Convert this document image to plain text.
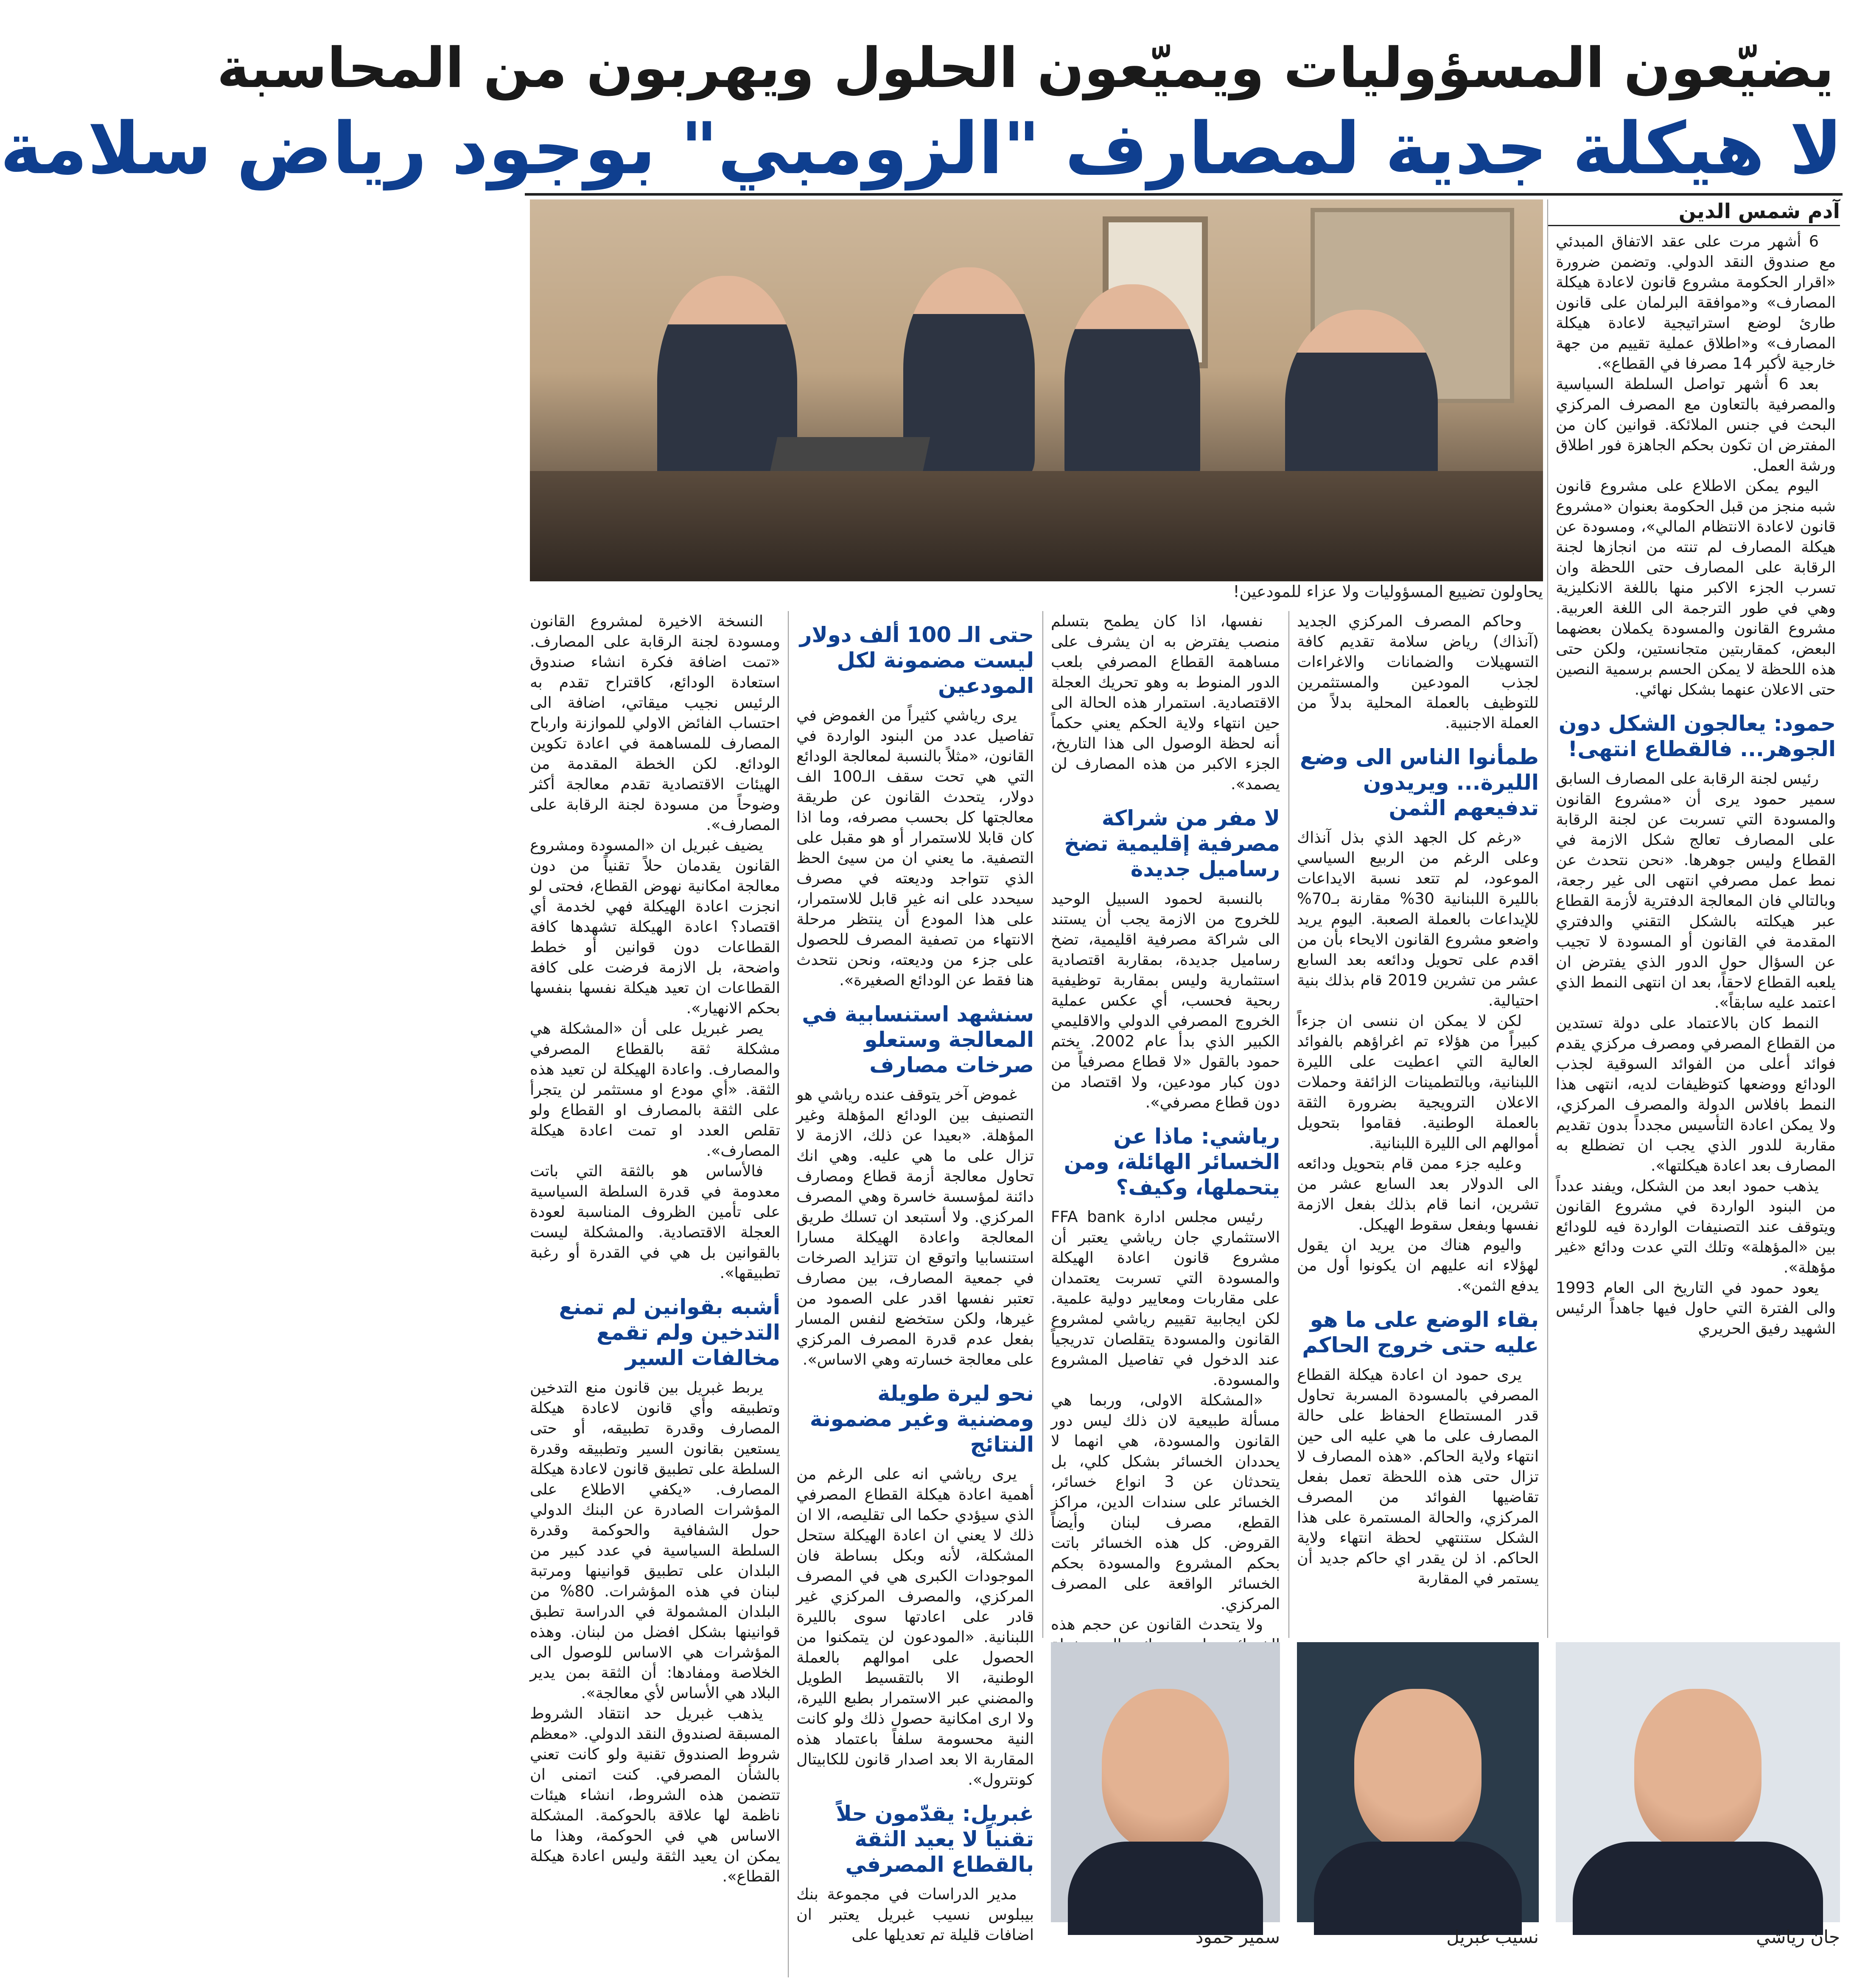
يضيّعون المسؤوليات ويميّعون الحلول ويهربون من المحاسبة
لا هيكلة جدية لمصارف "الزومبي" بوجود رياض سلامة
آدم شمس الدين
يحاولون تضييع المسؤوليات ولا عزاء للمودعين!

6 أشهر مرت على عقد الاتفاق المبدئي مع صندوق النقد الدولي. وتضمن ضرورة «اقرار الحكومة مشروع قانون لاعادة هيكلة المصارف» و«موافقة البرلمان على قانون طارئ لوضع استراتيجية لاعادة هيكلة المصارف» و«اطلاق عملية تقييم من جهة خارجية لأكبر 14 مصرفا في القطاع».

بعد 6 أشهر تواصل السلطة السياسية والمصرفية بالتعاون مع المصرف المركزي البحث في جنس الملائكة. قوانين كان من المفترض ان تكون بحكم الجاهزة فور اطلاق ورشة العمل.

اليوم يمكن الاطلاع على مشروع قانون شبه منجز من قبل الحكومة بعنوان «مشروع قانون لاعادة الانتظام المالي»، ومسودة عن هيكلة المصارف لم تنته من انجازها لجنة الرقابة على المصارف حتى اللحظة وان تسرب الجزء الاكبر منها باللغة الانكليزية وهي في طور الترجمة الى اللغة العربية. مشروع القانون والمسودة يكملان بعضهما البعض، كمقاربتين متجانستين، ولكن حتى هذه اللحظة لا يمكن الحسم برسمية النصين حتى الاعلان عنهما بشكل نهائي.

حمود: يعالجون الشكل دون الجوهر... فالقطاع انتهى!

رئيس لجنة الرقابة على المصارف السابق سمير حمود يرى أن «مشروع القانون والمسودة التي تسربت عن لجنة الرقابة على المصارف تعالج شكل الازمة في القطاع وليس جوهرها. «نحن نتحدث عن نمط عمل مصرفي انتهى الى غير رجعة، وبالتالي فان المعالجة الدفترية لأزمة القطاع عبر هيكلته بالشكل التقني والدفتري المقدمة في القانون أو المسودة لا تجيب عن السؤال حول الدور الذي يفترض ان يلعبه القطاع لاحقاً، بعد ان انتهى النمط الذي اعتمد عليه سابقاً».

النمط كان بالاعتماد على دولة تستدين من القطاع المصرفي ومصرف مركزي يقدم فوائد أعلى من الفوائد السوقية لجذب الودائع ووضعها كتوظيفات لديه، انتهى هذا النمط بافلاس الدولة والمصرف المركزي، ولا يمكن اعادة التأسيس مجدداً بدون تقديم مقاربة للدور الذي يجب ان تضطلع به المصارف بعد اعادة هيكلتها».

يذهب حمود ابعد من الشكل، ويفند عدداً من البنود الواردة في مشروع القانون ويتوقف عند التصنيفات الواردة فيه للودائع بين «المؤهلة» وتلك التي عدت ودائع «غير مؤهلة».

يعود حمود في التاريخ الى العام 1993 والى الفترة التي حاول فيها جاهداً الرئيس الشهيد رفيق الحريري

وحاكم المصرف المركزي الجديد (آنذاك) رياض سلامة تقديم كافة التسهيلات والضمانات والاغراءات لجذب المودعين والمستثمرين للتوظيف بالعملة المحلية بدلاً من العملة الاجنبية.

طمأنوا الناس الى وضع الليرة... ويريدون تدفيعهم الثمن

«رغم كل الجهد الذي بذل آنذاك وعلى الرغم من الربيع السياسي الموعود، لم تتعد نسبة الايداعات بالليرة اللبنانية 30% مقارنة بـ70% للإيداعات بالعملة الصعبة. اليوم يريد واضعو مشروع القانون الايحاء بأن من اقدم على تحويل ودائعه بعد السابع عشر من تشرين 2019 قام بذلك بنية احتيالية.

لكن لا يمكن ان ننسى ان جزءاً كبيراً من هؤلاء تم اغراؤهم بالفوائد العالية التي اعطيت على الليرة اللبنانية، وبالتطمينات الزائفة وحملات الاعلان الترويجية بضرورة الثقة بالعملة الوطنية. فقاموا بتحويل أموالهم الى الليرة اللبنانية.

وعليه جزء ممن قام بتحويل ودائعه الى الدولار بعد السابع عشر من تشرين، انما قام بذلك بفعل الازمة نفسها وبفعل سقوط الهيكل.

واليوم هناك من يريد ان يقول لهؤلاء انه عليهم ان يكونوا أول من يدفع الثمن».

بقاء الوضع على ما هو عليه حتى خروج الحاكم

يرى حمود ان اعادة هيكلة القطاع المصرفي بالمسودة المسربة تحاول قدر المستطاع الحفاظ على حالة المصارف على ما هي عليه الى حين انتهاء ولاية الحاكم. «هذه المصارف لا تزال حتى هذه اللحظة تعمل بفعل تقاضيها الفوائد من المصرف المركزي، والحالة المستمرة على هذا الشكل ستنتهي لحظة انتهاء ولاية الحاكم. اذ لن يقدر اي حاكم جديد أن يستمر في المقاربة

نفسها، اذا كان يطمح بتسلم منصب يفترض به ان يشرف على مساهمة القطاع المصرفي بلعب الدور المنوط به وهو تحريك العجلة الاقتصادية. استمرار هذه الحالة الى حين انتهاء ولاية الحكم يعني حكماً أنه لحظة الوصول الى هذا التاريخ، الجزء الاكبر من هذه المصارف لن يصمد».

لا مفر من شراكة مصرفية إقليمية تضخ رساميل جديدة

بالنسبة لحمود السبيل الوحيد للخروج من الازمة يجب أن يستند الى شراكة مصرفية اقليمية، تضخ رساميل جديدة، بمقاربة اقتصادية استثمارية وليس بمقاربة توظيفية ربحية فحسب، أي عكس عملية الخروج المصرفي الدولي والاقليمي الكبير الذي بدأ عام 2002. يختم حمود بالقول «لا قطاع مصرفياً من دون كبار مودعين، ولا اقتصاد من دون قطاع مصرفي».

رياشي: ماذا عن الخسائر الهائلة، ومن يتحملها، وكيف؟

رئيس مجلس ادارة FFA bank الاستثماري جان رياشي يعتبر أن مشروع قانون اعادة الهيكلة والمسودة التي تسربت يعتمدان على مقاربات ومعايير دولية علمية. لكن ايجابية تقييم رياشي لمشروع القانون والمسودة يتقلصان تدريجياً عند الدخول في تفاصيل المشروع والمسودة.

«المشكلة الاولى، وربما هي مسألة طبيعية لان ذلك ليس دور القانون والمسودة، هي انهما لا يحددان الخسائر بشكل كلي، بل يتحدثان عن 3 انواع خسائر، الخسائر على سندات الدين، مراكز القطع، مصرف لبنان وأيضاً القروض. كل هذه الخسائر باتت بحكم المشروع والمسودة بحكم الخسائر الواقعة على المصرف المركزي.

ولا يتحدث القانون عن حجم هذه

حتى الـ 100 ألف دولار ليست مضمونة لكل المودعين

يرى رياشي كثيراً من الغموض في تفاصيل عدد من البنود الواردة في القانون، «مثلاً بالنسبة لمعالجة الودائع التي هي تحت سقف الـ100 الف دولار، يتحدث القانون عن طريقة معالجتها كل بحسب مصرفه، وما اذا كان قابلا للاستمرار أو هو مقبل على التصفية. ما يعني ان من سيئ الحظ الذي تتواجد وديعته في مصرف سيحدد على انه غير قابل للاستمرار، على هذا المودع أن ينتظر مرحلة الانتهاء من تصفية المصرف للحصول على جزء من وديعته، ونحن نتحدث هنا فقط عن الودائع الصغيرة».

سنشهد استنسابية في المعالجة وستعلو صرخات مصارف

غموض آخر يتوقف عنده رياشي هو التصنيف بين الودائع المؤهلة وغير المؤهلة. «بعيدا عن ذلك، الازمة لا تزال على ما هي عليه. وهي انك تحاول معالجة أزمة قطاع ومصارف دائنة لمؤسسة خاسرة وهي المصرف المركزي. ولا أستبعد ان تسلك طريق المعالجة واعادة الهيكلة مسارا استنسابيا واتوقع ان تتزايد الصرخات في جمعية المصارف، بين مصارف تعتبر نفسها اقدر على الصمود من غيرها، ولكن ستخضع لنفس المسار بفعل عدم قدرة المصرف المركزي على معالجة خسارته وهي الاساس».

نحو ليرة طويلة ومضنية وغير مضمونة النتائج

يرى رياشي انه على الرغم من أهمية اعادة هيكلة القطاع المصرفي الذي سيؤدي حكما الى تقليصه، الا ان ذلك لا يعني ان اعادة الهيكلة ستحل المشكلة، لأنه وبكل بساطة فان الموجودات الكبرى هي في المصرف المركزي، والمصرف المركزي غير قادر على اعادتها سوى بالليرة اللبنانية. «المودعون لن يتمكنوا من الحصول على اموالهم بالعملة الوطنية، الا بالتقسيط الطويل والمضني عبر الاستمرار بطبع الليرة، ولا ارى امكانية حصول ذلك ولو كانت النية محسومة سلفاً باعتماد هذه المقاربة الا بعد اصدار قانون للكابيتال كونترول».

غبريل: يقدّمون حلاً تقنياً لا يعيد الثقة بالقطاع المصرفي

مدير الدراسات في مجموعة بنك بيبلوس نسيب غبريل يعتبر ان اضافات قليلة تم تعديلها على

النسخة الاخيرة لمشروع القانون ومسودة لجنة الرقابة على المصارف. «تمت اضافة فكرة انشاء صندوق استعادة الودائع، كاقتراح تقدم به الرئيس نجيب ميقاتي، اضافة الى احتساب الفائض الاولي للموازنة وارباح المصارف للمساهمة في اعادة تكوين الودائع. لكن الخطة المقدمة من الهيئات الاقتصادية تقدم معالجة أكثر وضوحاً من مسودة لجنة الرقابة على المصارف».

يضيف غبريل ان «المسودة ومشروع القانون يقدمان حلاً تقنياً من دون معالجة امكانية نهوض القطاع، فحتى لو انجزت اعادة الهيكلة فهي لخدمة أي اقتصاد؟ اعادة الهيكلة تشهدها كافة القطاعات دون قوانين أو خطط واضحة، بل الازمة فرضت على كافة القطاعات ان تعيد هيكلة نفسها بنفسها بحكم الانهيار».

يصر غبريل على أن «المشكلة هي مشكلة ثقة بالقطاع المصرفي والمصارف. واعادة الهيكلة لن تعيد هذه الثقة. «أي مودع او مستثمر لن يتجرأ على الثقة بالمصارف او القطاع ولو تقلص العدد او تمت اعادة هيكلة المصارف».

فالأساس هو بالثقة التي باتت معدومة في قدرة السلطة السياسية على تأمين الظروف المناسبة لعودة العجلة الاقتصادية. والمشكلة ليست بالقوانين بل هي في القدرة أو رغبة تطبيقها».

أشبه بقوانين لم تمنع التدخين ولم تقمع مخالفات السير

يربط غبريل بين قانون منع التدخين وتطبيقه وأي قانون لاعادة هيكلة المصارف وقدرة تطبيقه، أو حتى يستعين بقانون السير وتطبيقه وقدرة السلطة على تطبيق قانون لاعادة هيكلة المصارف. «يكفي الاطلاع على المؤشرات الصادرة عن البنك الدولي حول الشفافية والحوكمة وقدرة السلطة السياسية في عدد كبير من البلدان على تطبيق قوانينها ومرتبة لبنان في هذه المؤشرات. 80% من البلدان المشمولة في الدراسة تطبق قوانينها بشكل افضل من لبنان. وهذه المؤشرات هي الاساس للوصول الى الخلاصة ومفادها: أن الثقة بمن يدير البلاد هي الأساس لأي معالجة».

يذهب غبريل حد انتقاد الشروط المسبقة لصندوق النقد الدولي. «معظم شروط الصندوق تقنية ولو كانت تعني بالشأن المصرفي. كنت اتمنى ان تتضمن هذه الشروط، انشاء هيئات ناظمة لها علاقة بالحوكمة. المشكلة الاساس هي في الحوكمة، وهذا ما يمكن ان يعيد الثقة وليس اعادة هيكلة القطاع».

جان رياشي
نسيب غبريل
سمير حمود
